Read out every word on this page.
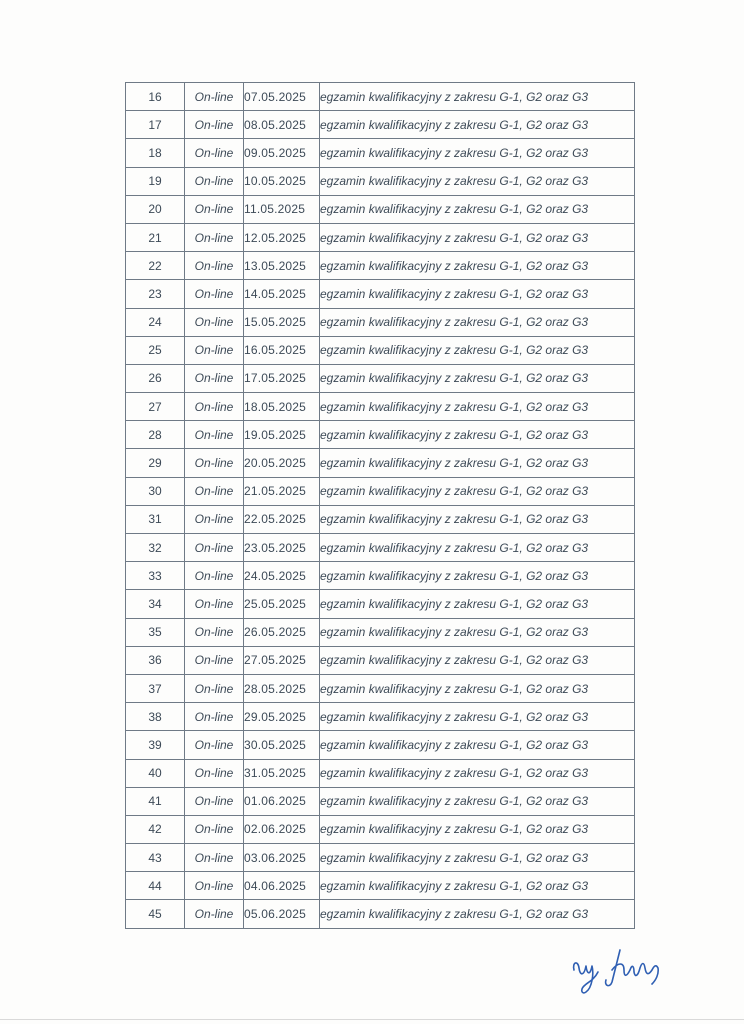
16	On-line	07.05.2025	egzamin kwalifikacyjny z zakresu G-1, G2 oraz G3
17	On-line	08.05.2025	egzamin kwalifikacyjny z zakresu G-1, G2 oraz G3
18	On-line	09.05.2025	egzamin kwalifikacyjny z zakresu G-1, G2 oraz G3
19	On-line	10.05.2025	egzamin kwalifikacyjny z zakresu G-1, G2 oraz G3
20	On-line	11.05.2025	egzamin kwalifikacyjny z zakresu G-1, G2 oraz G3
21	On-line	12.05.2025	egzamin kwalifikacyjny z zakresu G-1, G2 oraz G3
22	On-line	13.05.2025	egzamin kwalifikacyjny z zakresu G-1, G2 oraz G3
23	On-line	14.05.2025	egzamin kwalifikacyjny z zakresu G-1, G2 oraz G3
24	On-line	15.05.2025	egzamin kwalifikacyjny z zakresu G-1, G2 oraz G3
25	On-line	16.05.2025	egzamin kwalifikacyjny z zakresu G-1, G2 oraz G3
26	On-line	17.05.2025	egzamin kwalifikacyjny z zakresu G-1, G2 oraz G3
27	On-line	18.05.2025	egzamin kwalifikacyjny z zakresu G-1, G2 oraz G3
28	On-line	19.05.2025	egzamin kwalifikacyjny z zakresu G-1, G2 oraz G3
29	On-line	20.05.2025	egzamin kwalifikacyjny z zakresu G-1, G2 oraz G3
30	On-line	21.05.2025	egzamin kwalifikacyjny z zakresu G-1, G2 oraz G3
31	On-line	22.05.2025	egzamin kwalifikacyjny z zakresu G-1, G2 oraz G3
32	On-line	23.05.2025	egzamin kwalifikacyjny z zakresu G-1, G2 oraz G3
33	On-line	24.05.2025	egzamin kwalifikacyjny z zakresu G-1, G2 oraz G3
34	On-line	25.05.2025	egzamin kwalifikacyjny z zakresu G-1, G2 oraz G3
35	On-line	26.05.2025	egzamin kwalifikacyjny z zakresu G-1, G2 oraz G3
36	On-line	27.05.2025	egzamin kwalifikacyjny z zakresu G-1, G2 oraz G3
37	On-line	28.05.2025	egzamin kwalifikacyjny z zakresu G-1, G2 oraz G3
38	On-line	29.05.2025	egzamin kwalifikacyjny z zakresu G-1, G2 oraz G3
39	On-line	30.05.2025	egzamin kwalifikacyjny z zakresu G-1, G2 oraz G3
40	On-line	31.05.2025	egzamin kwalifikacyjny z zakresu G-1, G2 oraz G3
41	On-line	01.06.2025	egzamin kwalifikacyjny z zakresu G-1, G2 oraz G3
42	On-line	02.06.2025	egzamin kwalifikacyjny z zakresu G-1, G2 oraz G3
43	On-line	03.06.2025	egzamin kwalifikacyjny z zakresu G-1, G2 oraz G3
44	On-line	04.06.2025	egzamin kwalifikacyjny z zakresu G-1, G2 oraz G3
45	On-line	05.06.2025	egzamin kwalifikacyjny z zakresu G-1, G2 oraz G3
